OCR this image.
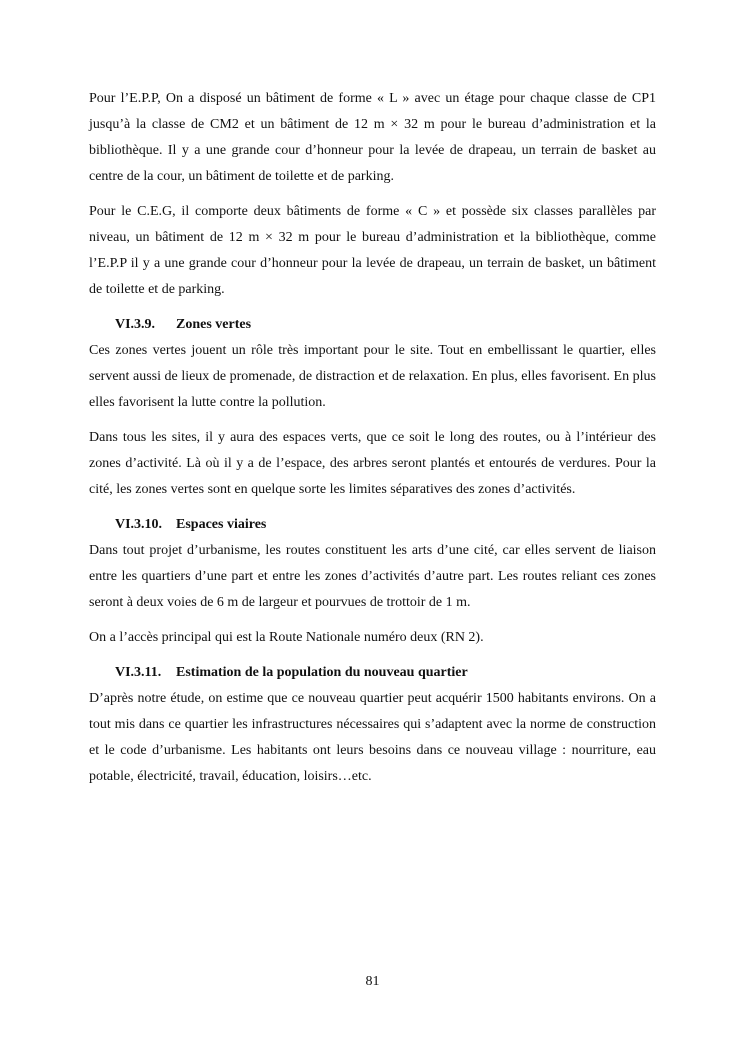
Pour l’E.P.P, On a disposé un bâtiment de forme « L » avec un étage pour chaque classe de CP1 jusqu’à la classe de CM2 et un bâtiment de 12 m × 32 m pour le bureau d’administration et la bibliothèque. Il y a une grande cour d’honneur pour la levée de drapeau, un terrain de basket au centre de la cour, un bâtiment de toilette et de parking.

Pour le C.E.G, il comporte deux bâtiments de forme « C » et possède six classes parallèles par niveau, un bâtiment de 12 m × 32 m pour le bureau d’administration et la bibliothèque, comme l’E.P.P il y a une grande cour d’honneur pour la levée de drapeau, un terrain de basket, un bâtiment de toilette et de parking.

VI.3.9.	Zones vertes

Ces zones vertes jouent un rôle très important pour le site. Tout en embellissant le quartier, elles servent aussi de lieux de promenade, de distraction et de relaxation. En plus, elles favorisent. En plus elles favorisent la lutte contre la pollution.

Dans tous les sites, il y aura des espaces verts, que ce soit le long des routes, ou à l’intérieur des zones d’activité. Là où il y a de l’espace, des arbres seront plantés et entourés de verdures. Pour la cité, les zones vertes sont en quelque sorte les limites séparatives des zones d’activités.

VI.3.10. Espaces viaires

Dans tout projet d’urbanisme, les routes constituent les arts d’une cité, car elles servent de liaison entre les quartiers d’une part et entre les zones d’activités d’autre part. Les routes reliant ces zones seront à deux voies de 6 m de largeur et pourvues de trottoir de 1 m.

On a l’accès principal qui est la Route Nationale numéro deux (RN 2).

VI.3.11.	Estimation de la population du nouveau quartier

D’après notre étude, on estime que ce nouveau quartier peut acquérir 1500 habitants environs. On a tout mis dans ce quartier les infrastructures nécessaires qui s’adaptent avec la norme de construction et le code d’urbanisme. Les habitants ont leurs besoins dans ce nouveau village : nourriture, eau potable, électricité, travail, éducation, loisirs…etc.

81
